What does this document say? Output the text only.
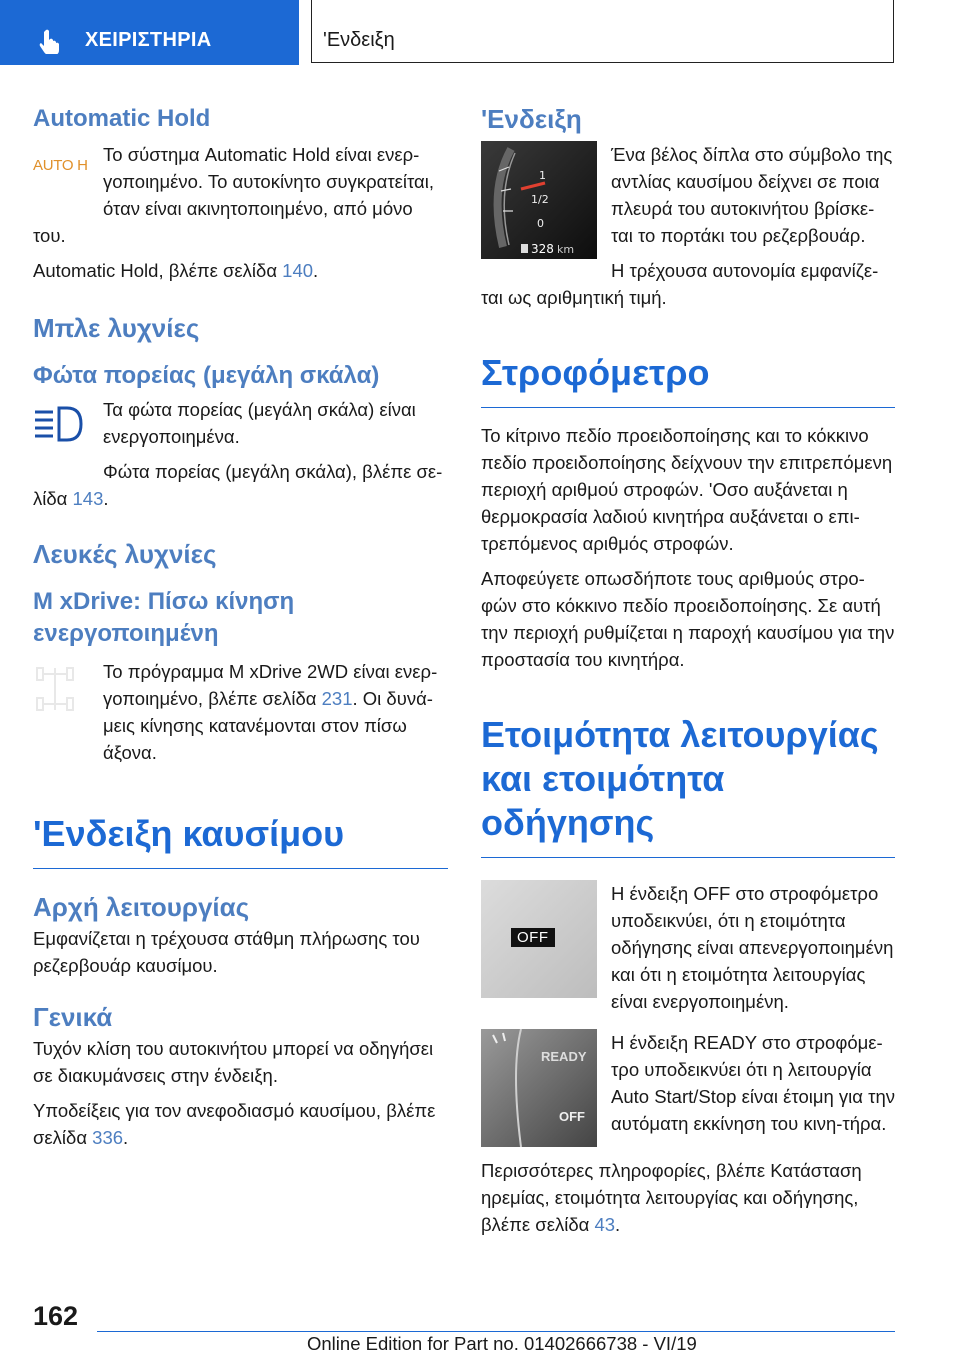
ΧΕΙΡΙΣΤΗΡΙΑ	'Ενδειξη
Automatic Hold
AUTO H

Το σύστημα Automatic Hold είναι ενερ‐γοποιημένο. Το αυτοκίνητο συγκρατείται, όταν είναι ακινητοποιημένο, από μόνο του.

Automatic Hold, βλέπε σελίδα 140.

Μπλε λυχνίες
Φώτα πορείας (μεγάλη σκάλα)

Τα φώτα πορείας (μεγάλη σκάλα) είναι ενεργοποιημένα.

Φώτα πορείας (μεγάλη σκάλα), βλέπε σε‐λίδα 143.

Λευκές λυχνίες
M xDrive: Πίσω κίνηση ενεργοποιημένη

Το πρόγραμμα M xDrive 2WD είναι ενερ‐γοποιημένο, βλέπε σελίδα 231. Οι δυνά‐μεις κίνησης κατανέμονται στον πίσω άξονα.

'Ενδειξη καυσίμου
Αρχή λειτουργίας

Εμφανίζεται η τρέχουσα στάθμη πλήρωσης του ρεζερβουάρ καυσίμου.

Γενικά

Τυχόν κλίση του αυτοκινήτου μπορεί να οδηγήσει σε διακυμάνσεις στην ένδειξη.

Υποδείξεις για τον ανεφοδιασμό καυσίμου, βλέπε σελίδα 336.

'Ενδειξη
1
1/2
0
328 km

Ένα βέλος δίπλα στο σύμβολο της αντλίας καυσίμου δείχνει σε ποια πλευρά του αυτοκινήτου βρίσκε‐ται το πορτάκι του ρεζερβουάρ.

Η τρέχουσα αυτονομία εμφανίζε‐ται ως αριθμητική τιμή.

Στροφόμετρο

Το κίτρινο πεδίο προειδοποίησης και το κόκκινο πεδίο προειδοποίησης δείχνουν την επιτρεπόμενη περιοχή αριθμού στροφών. 'Οσο αυξάνεται η θερμοκρασία λαδιού κινητήρα αυξάνεται ο επι‐τρεπόμενος αριθμός στροφών.

Αποφεύγετε οπωσδήποτε τους αριθμούς στρο‐φών στο κόκκινο πεδίο προειδοποίησης. Σε αυτή την περιοχή ρυθμίζεται η παροχή καυσίμου για την προστασία του κινητήρα.

Ετοιμότητα λειτουργίας και ετοιμότητα οδήγησης
OFF

Η ένδειξη OFF στο στροφόμετρο υποδεικνύει, ότι η ετοιμότητα οδήγησης είναι απενεργοποιημένη και ότι η ετοιμότητα λειτουργίας είναι ενεργοποιημένη.

READY
OFF

Η ένδειξη READY στο στροφόμε‐τρο υποδεικνύει ότι η λειτουργία Auto Start/Stop είναι έτοιμη για την αυτόματη εκκίνηση του κινη‐τήρα.

Περισσότερες πληροφορίες, βλέπε Κατάσταση ηρεμίας, ετοιμότητα λειτουργίας και οδήγησης, βλέπε σελίδα 43.

162
Online Edition for Part no. 01402666738 - VI/19
